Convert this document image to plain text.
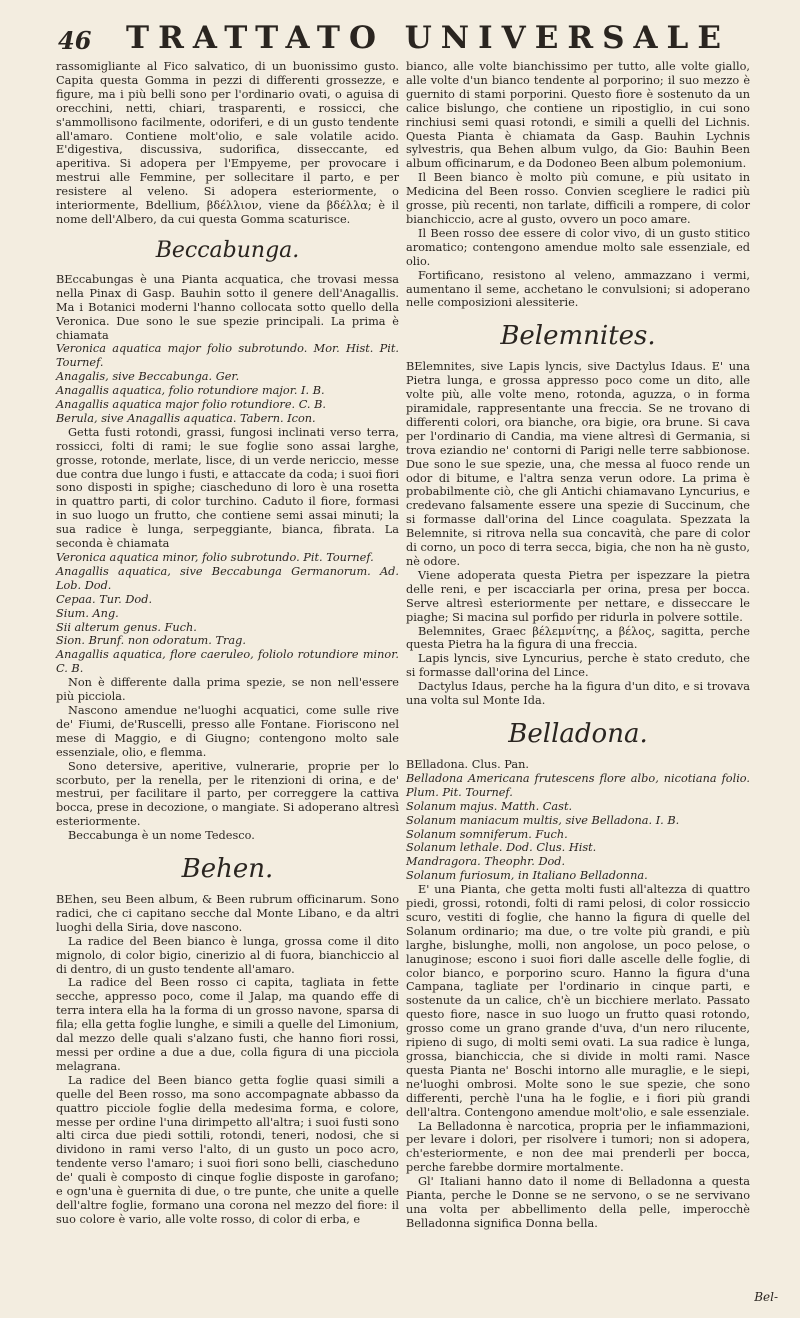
46 TRATTATO UNIVERSALE

rassomigliante al Fico salvatico, di un buonissimo gusto. Capita questa Gomma in pezzi di differenti grossezze, e figure, ma i più belli sono per l'ordinario ovati, o aguisa di orecchini, netti, chiari, trasparenti, e rossicci, che s'ammollisono facilmente, odoriferi, e di un gusto tendente all'amaro. Contiene molt'olio, e sale volatile acido. E'digestiva, discussiva, sudorifica, disseccante, ed aperitiva. Si adopera per l'Empyeme, per provocare i mestrui alle Femmine, per sollecitare il parto, e per resistere al veleno. Si adopera esteriormente, o interiormente, Bdellium, βδέλλιον, viene da βδέλλα; è il nome dell'Albero, da cui questa Gomma scaturisce.

Beccabunga.

BEccabungas è una Pianta acquatica, che trovasi messa nella Pinax di Gasp. Bauhin sotto il genere dell'Anagallis. Ma i Botanici moderni l'hanno collocata sotto quello della Veronica. Due sono le sue spezie principali. La prima è chiamata

Veronica aquatica major folio subrotundo. Mor. Hist. Pit. Tournef.

Anagalis, sive Beccabunga. Ger.

Anagallis aquatica, folio rotundiore major. I. B.

Anagallis aquatica major folio rotundiore. C. B.

Berula, sive Anagallis aquatica. Tabern. Icon.

Getta fusti rotondi, grassi, fungosi inclinati verso terra, rossicci, folti di rami; le sue foglie sono assai larghe, grosse, rotonde, merlate, lisce, di un verde nericcio, messe due contra due lungo i fusti, e attaccate da coda; i suoi fiori sono disposti in spighe; ciascheduno di loro è una rosetta in quattro parti, di color turchino. Caduto il fiore, formasi in suo luogo un frutto, che contiene semi assai minuti; la sua radice è lunga, serpeggiante, bianca, fibrata. La seconda è chiamata

Veronica aquatica minor, folio subrotundo. Pit. Tournef.

Anagallis aquatica, sive Beccabunga Germanorum. Ad. Lob. Dod.

Cepaa. Tur. Dod.

Sium. Ang.

Sii alterum genus. Fuch.

Sion. Brunf. non odoratum. Trag.

Anagallis aquatica, flore caeruleo, foliolo rotundiore minor. C. B.

Non è differente dalla prima spezie, se non nell'essere più picciola.

Nascono amendue ne'luoghi acquatici, come sulle rive de' Fiumi, de'Ruscelli, presso alle Fontane. Fioriscono nel mese di Maggio, e di Giugno; contengono molto sale essenziale, olio, e flemma.

Sono detersive, aperitive, vulnerarie, proprie per lo scorbuto, per la renella, per le ritenzioni di orina, e de' mestrui, per facilitare il parto, per correggere la cattiva bocca, prese in decozione, o mangiate. Si adoperano altresì esteriormente.

Beccabunga è un nome Tedesco.

Behen.

BEhen, seu Been album, & Been rubrum officinarum. Sono radici, che ci capitano secche dal Monte Libano, e da altri luoghi della Siria, dove nascono.

La radice del Been bianco è lunga, grossa come il dito mignolo, di color bigio, cinerizio al di fuora, bianchiccio al di dentro, di un gusto tendente all'amaro.

La radice del Been rosso ci capita, tagliata in fette secche, appresso poco, come il Jalap, ma quando effe di terra intera ella ha la forma di un grosso navone, sparsa di fila; ella getta foglie lunghe, e simili a quelle del Limonium, dal mezzo delle quali s'alzano fusti, che hanno fiori rossi, messi per ordine a due a due, colla figura di una picciola melagrana.

La radice del Been bianco getta foglie quasi simili a quelle del Been rosso, ma sono accompagnate abbasso da quattro picciole foglie della medesima forma, e colore, messe per ordine l'una dirimpetto all'altra; i suoi fusti sono alti circa due piedi sottili, rotondi, teneri, nodosi, che si dividono in rami verso l'alto, di un gusto un poco acro, tendente verso l'amaro; i suoi fiori sono belli, ciascheduno de' quali è composto di cinque foglie disposte in garofano; e ogn'una è guernita di due, o tre punte, che unite a quelle dell'altre foglie, formano una corona nel mezzo del fiore: il suo colore è vario, alle volte rosso, di color di erba, e

bianco, alle volte bianchissimo per tutto, alle volte giallo, alle volte d'un bianco tendente al porporino; il suo mezzo è guernito di stami porporini. Questo fiore è sostenuto da un calice bislungo, che contiene un ripostiglio, in cui sono rinchiusi semi quasi rotondi, e simili a quelli del Lichnis. Questa Pianta è chiamata da Gasp. Bauhin Lychnis sylvestris, qua Behen album vulgo, da Gio: Bauhin Been album officinarum, e da Dodoneo Been album polemonium.

Il Been bianco è molto più comune, e più usitato in Medicina del Been rosso. Convien scegliere le radici più grosse, più recenti, non tarlate, difficili a rompere, di color bianchiccio, acre al gusto, ovvero un poco amare.

Il Been rosso dee essere di color vivo, di un gusto stitico aromatico; contengono amendue molto sale essenziale, ed olio.

Fortificano, resistono al veleno, ammazzano i vermi, aumentano il seme, acchetano le convulsioni; si adoperano nelle composizioni alessiterie.

Belemnites.

BElemnites, sive Lapis lyncis, sive Dactylus Idaus. E' una Pietra lunga, e grossa appresso poco come un dito, alle volte più, alle volte meno, rotonda, aguzza, o in forma piramidale, rappresentante una freccia. Se ne trovano di differenti colori, ora bianche, ora bigie, ora brune. Si cava per l'ordinario di Candia, ma viene altresì di Germania, si trova eziandio ne' contorni di Parigi nelle terre sabbionose. Due sono le sue spezie, una, che messa al fuoco rende un odor di bitume, e l'altra senza verun odore. La prima è probabilmente ciò, che gli Antichi chiamavano Lyncurius, e credevano falsamente essere una spezie di Succinum, che si formasse dall'orina del Lince coagulata. Spezzata la Belemnite, si ritrova nella sua concavità, che pare di color di corno, un poco di terra secca, bigia, che non ha nè gusto, nè odore.

Viene adoperata questa Pietra per ispezzare la pietra delle reni, e per iscacciarla per orina, presa per bocca. Serve altresì esteriormente per nettare, e disseccare le piaghe; Si macina sul porfido per ridurla in polvere sottile.

Belemnites, Graec βέλεμνίτης, a βέλος, sagitta, perche questa Pietra ha la figura di una freccia.

Lapis lyncis, sive Lyncurius, perche è stato creduto, che si formasse dall'orina del Lince.

Dactylus Idaus, perche ha la figura d'un dito, e si trovava una volta sul Monte Ida.

Belladona.

BElladona. Clus. Pan.

Belladona Americana frutescens flore albo, nicotiana folio. Plum. Pit. Tournef.

Solanum majus. Matth. Cast.

Solanum maniacum multis, sive Belladona. I. B.

Solanum somniferum. Fuch.

Solanum lethale. Dod. Clus. Hist.

Mandragora. Theophr. Dod.

Solanum furiosum, in Italiano Belladonna.

E' una Pianta, che getta molti fusti all'altezza di quattro piedi, grossi, rotondi, folti di rami pelosi, di color rossiccio scuro, vestiti di foglie, che hanno la figura di quelle del Solanum ordinario; ma due, o tre volte più grandi, e più larghe, bislunghe, molli, non angolose, un poco pelose, o lanuginose; escono i suoi fiori dalle ascelle delle foglie, di color bianco, e porporino scuro. Hanno la figura d'una Campana, tagliate per l'ordinario in cinque parti, e sostenute da un calice, ch'è un bicchiere merlato. Passato questo fiore, nasce in suo luogo un frutto quasi rotondo, grosso come un grano grande d'uva, d'un nero rilucente, ripieno di sugo, di molti semi ovati. La sua radice è lunga, grossa, bianchiccia, che si divide in molti rami. Nasce questa Pianta ne' Boschi intorno alle muraglie, e le siepi, ne'luoghi ombrosi. Molte sono le sue spezie, che sono differenti, perchè l'una ha le foglie, e i fiori più grandi dell'altra. Contengono amendue molt'olio, e sale essenziale.

La Belladonna è narcotica, propria per le infiammazioni, per levare i dolori, per risolvere i tumori; non si adopera, ch'esteriormente, e non dee mai prenderli per bocca, perche farebbe dormire mortalmente.

Gl' Italiani hanno dato il nome di Belladonna a questa Pianta, perche le Donne se ne servono, o se ne servivano una volta per abbellimento della pelle, imperocchè Belladonna significa Donna bella.

Bel-
